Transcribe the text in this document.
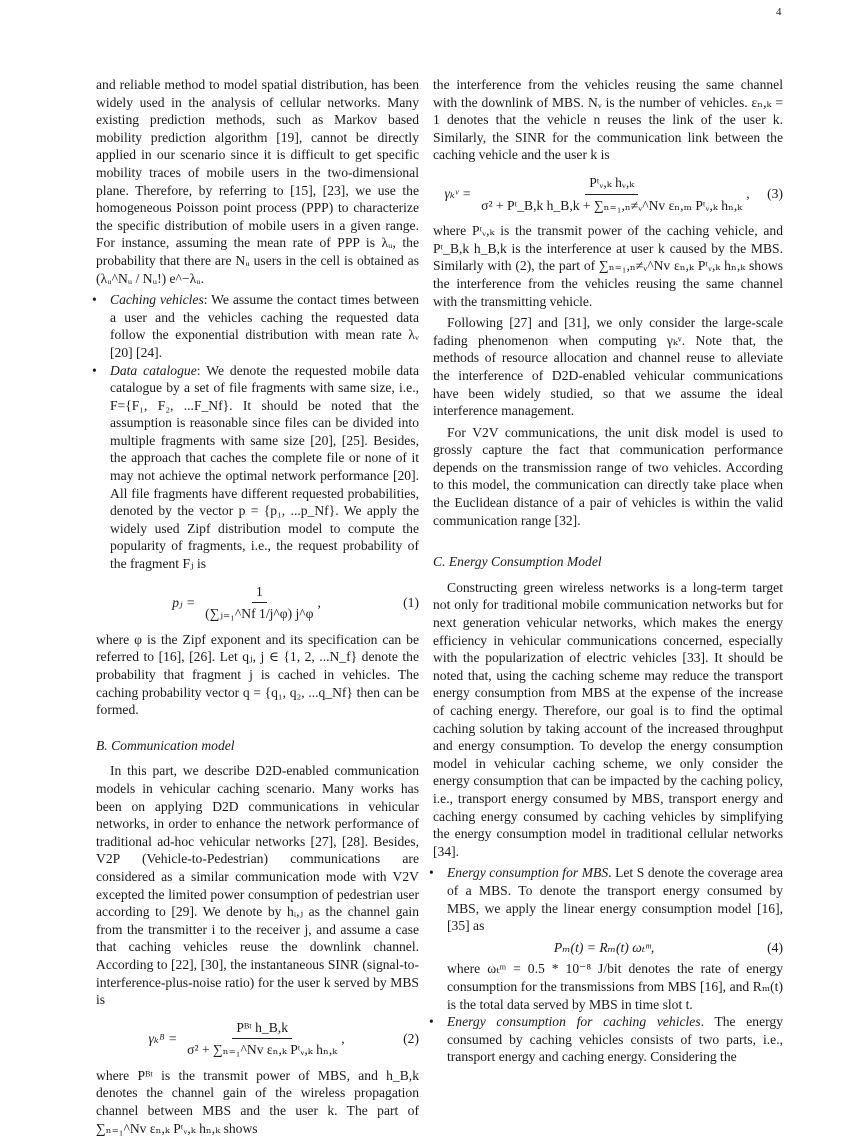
4
and reliable method to model spatial distribution, has been widely used in the analysis of cellular networks. Many existing prediction methods, such as Markov based mobility prediction algorithm [19], cannot be directly applied in our scenario since it is difficult to get specific mobility traces of mobile users in the two-dimensional plane. Therefore, by referring to [15], [23], we use the homogeneous Poisson point process (PPP) to characterize the specific distribution of mobile users in a given range. For instance, assuming the mean rate of PPP is λᵤ, the probability that there are Nᵤ users in the cell is obtained as (λᵤ^Nᵤ / Nᵤ!) e^−λᵤ.
• Caching vehicles: We assume the contact times between a user and the vehicles caching the requested data follow the exponential distribution with mean rate λᵥ [20] [24].
• Data catalogue: We denote the requested mobile data catalogue by a set of file fragments with same size, i.e., F={F₁, F₂, ...F_Nf}. It should be noted that the assumption is reasonable since files can be divided into multiple fragments with same size [20], [25]. Besides, the approach that caches the complete file or none of it may not achieve the optimal network performance [20]. All file fragments have different requested probabilities, denoted by the vector p = {p₁, ...p_Nf}. We apply the widely used Zipf distribution model to compute the popularity of fragments, i.e., the request probability of the fragment Fⱼ is
pⱼ = $\frac{1}{\text{(∑ⱼ₌₁\textasciicircum{}Nf 1/j\textasciicircum{}φ) j\textasciicircum{}φ}}$ ,	(1)
where φ is the Zipf exponent and its specification can be referred to [16], [26]. Let qⱼ, j ∈ {1, 2, ...N_f} denote the probability that fragment j is cached in vehicles. The caching probability vector q = {q₁, q₂, ...q_Nf} then can be formed.
B. Communication model
In this part, we describe D2D-enabled communication models in vehicular caching scenario. Many works has been on applying D2D communications in vehicular networks, in order to enhance the network performance of traditional ad-hoc vehicular networks [27], [28]. Besides, V2P (Vehicle-to-Pedestrian) communications are considered as a similar communication mode with V2V excepted the limited power consumption of pedestrian user according to [29]. We denote by hᵢ,ⱼ as the channel gain from the transmitter i to the receiver j, and assume a case that caching vehicles reuse the downlink channel. According to [22], [30], the instantaneous SINR (signal-to-interference-plus-noise ratio) for the user k served by MBS is
γₖᴮ = $\frac{\text{Pᴮᵗ h\_B,k}}{\text{σ² + ∑ₙ₌₁\textasciicircum{}Nv εₙ,ₖ Pᵗᵥ,ₖ hₙ,ₖ}}$ ,	(2)
where Pᴮᵗ is the transmit power of MBS, and h_B,k denotes the channel gain of the wireless propagation channel between MBS and the user k. The part of ∑ₙ₌₁^Nv εₙ,ₖ Pᵗᵥ,ₖ hₙ,ₖ shows
the interference from the vehicles reusing the same channel with the downlink of MBS. Nᵥ is the number of vehicles. εₙ,ₖ = 1 denotes that the vehicle n reuses the link of the user k. Similarly, the SINR for the communication link between the caching vehicle and the user k is
γₖᵛ = $\frac{\text{Pᵗᵥ,ₖ hᵥ,ₖ}}{\text{σ² + Pᵗ\_B,k h\_B,k + ∑ₙ₌₁,ₙ≠ᵥ\textasciicircum{}Nv εₙ,ₘ Pᵗᵥ,ₖ hₙ,ₖ}}$ , (3)
where Pᵗᵥ,ₖ is the transmit power of the caching vehicle, and Pᵗ_B,k h_B,k is the interference at user k caused by the MBS. Similarly with (2), the part of ∑ₙ₌₁,ₙ≠ᵥ^Nv εₙ,ₖ Pᵗᵥ,ₖ hₙ,ₖ shows the interference from the vehicles reusing the same channel with the transmitting vehicle.
Following [27] and [31], we only consider the large-scale fading phenomenon when computing γₖᵛ. Note that, the methods of resource allocation and channel reuse to alleviate the interference of D2D-enabled vehicular communications have been widely studied, so that we assume the ideal interference management.
For V2V communications, the unit disk model is used to grossly capture the fact that communication performance depends on the transmission range of two vehicles. According to this model, the communication can directly take place when the Euclidean distance of a pair of vehicles is within the valid communication range [32].
C. Energy Consumption Model
Constructing green wireless networks is a long-term target not only for traditional mobile communication networks but for next generation vehicular networks, which makes the energy efficiency in vehicular communications concerned, especially with the popularization of electric vehicles [33]. It should be noted that, using the caching scheme may reduce the transport energy consumption from MBS at the expense of the increase of caching energy. Therefore, our goal is to find the optimal caching solution by taking account of the increased throughput and energy consumption. To develop the energy consumption model in vehicular caching scheme, we only consider the energy consumption that can be impacted by the caching policy, i.e., transport energy consumed by MBS, transport energy and caching energy consumed by caching vehicles by simplifying the energy consumption model in traditional cellular networks [34].
• Energy consumption for MBS. Let S denote the coverage area of a MBS. To denote the transport energy consumed by MBS, we apply the linear energy consumption model [16], [35] as
Pₘ(t) = Rₘ(t) ωₜᵐ,	(4)
where ωₜᵐ = 0.5 * 10⁻⁸ J/bit denotes the rate of energy consumption for the transmissions from MBS [16], and Rₘ(t) is the total data served by MBS in time slot t.
• Energy consumption for caching vehicles. The energy consumed by caching vehicles consists of two parts, i.e., transport energy and caching energy. Considering the
